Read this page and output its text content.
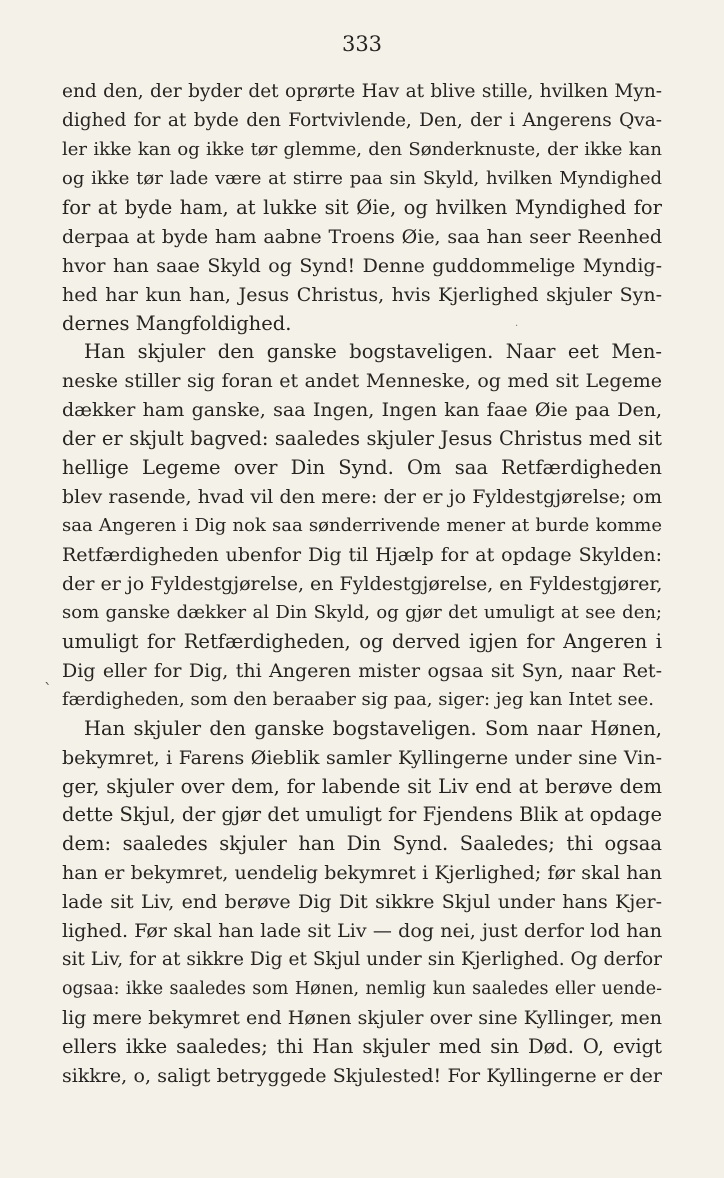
333
.
`
end den, der byder det oprørte Hav at blive stille, hvilken Myn-
dighed for at byde den Fortvivlende, Den, der i Angerens Qva-
ler ikke kan og ikke tør glemme, den Sønderknuste, der ikke kan
og ikke tør lade være at stirre paa sin Skyld, hvilken Myndighed
for at byde ham, at lukke sit Øie, og hvilken Myndighed for
derpaa at byde ham aabne Troens Øie, saa han seer Reenhed
hvor han saae Skyld og Synd! Denne guddommelige Myndig-
hed har kun han, Jesus Christus, hvis Kjerlighed skjuler Syn-
dernes Mangfoldighed.
Han skjuler den ganske bogstaveligen. Naar eet Men-
neske stiller sig foran et andet Menneske, og med sit Legeme
dækker ham ganske, saa Ingen, Ingen kan faae Øie paa Den,
der er skjult bagved: saaledes skjuler Jesus Christus med sit
hellige Legeme over Din Synd. Om saa Retfærdigheden
blev rasende, hvad vil den mere: der er jo Fyldestgjørelse; om
saa Angeren i Dig nok saa sønderrivende mener at burde komme
Retfærdigheden ubenfor Dig til Hjælp for at opdage Skylden:
der er jo Fyldestgjørelse, en Fyldestgjørelse, en Fyldestgjører,
som ganske dækker al Din Skyld, og gjør det umuligt at see den;
umuligt for Retfærdigheden, og derved igjen for Angeren i
Dig eller for Dig, thi Angeren mister ogsaa sit Syn, naar Ret-
færdigheden, som den beraaber sig paa, siger: jeg kan Intet see.
Han skjuler den ganske bogstaveligen. Som naar Hønen,
bekymret, i Farens Øieblik samler Kyllingerne under sine Vin-
ger, skjuler over dem, for labende sit Liv end at berøve dem
dette Skjul, der gjør det umuligt for Fjendens Blik at opdage
dem: saaledes skjuler han Din Synd. Saaledes; thi ogsaa
han er bekymret, uendelig bekymret i Kjerlighed; før skal han
lade sit Liv, end berøve Dig Dit sikkre Skjul under hans Kjer-
lighed. Før skal han lade sit Liv — dog nei, just derfor lod han
sit Liv, for at sikkre Dig et Skjul under sin Kjerlighed. Og derfor
ogsaa: ikke saaledes som Hønen, nemlig kun saaledes eller uende-
lig mere bekymret end Hønen skjuler over sine Kyllinger, men
ellers ikke saaledes; thi Han skjuler med sin Død. O, evigt
sikkre, o, saligt betryggede Skjulested! For Kyllingerne er der
